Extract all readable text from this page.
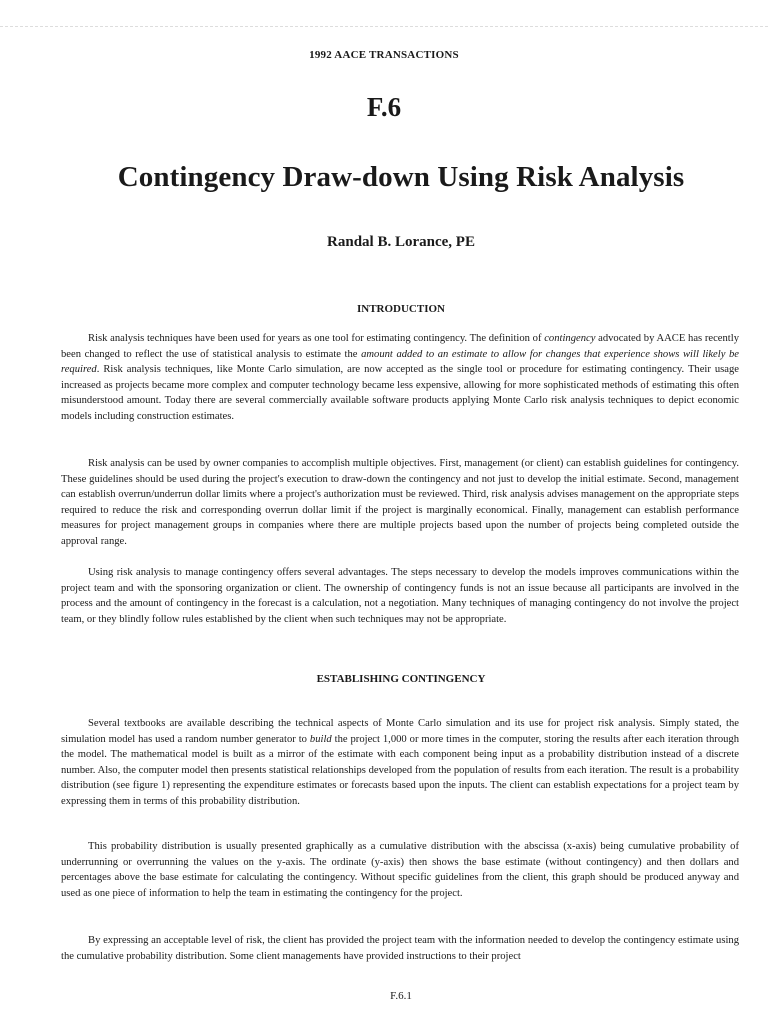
1992 AACE TRANSACTIONS
F.6
Contingency Draw-down Using Risk Analysis
Randal B. Lorance, PE
INTRODUCTION

Risk analysis techniques have been used for years as one tool for estimating contingency. The definition of contingency advocated by AACE has recently been changed to reflect the use of statistical analysis to estimate the amount added to an estimate to allow for changes that experience shows will likely be required. Risk analysis techniques, like Monte Carlo simulation, are now accepted as the single tool or procedure for estimating contingency. Their usage increased as projects became more complex and computer technology became less expensive, allowing for more sophisticated methods of estimating this often misunderstood amount. Today there are several commercially available software products applying Monte Carlo risk analysis techniques to depict economic models including construction estimates.

Risk analysis can be used by owner companies to accomplish multiple objectives. First, management (or client) can establish guidelines for contingency. These guidelines should be used during the project's execution to draw-down the contingency and not just to develop the initial estimate. Second, management can establish overrun/underrun dollar limits where a project's authorization must be reviewed. Third, risk analysis advises management on the appropriate steps required to reduce the risk and corresponding overrun dollar limit if the project is marginally economical. Finally, management can establish performance measures for project management groups in companies where there are multiple projects based upon the number of projects being completed outside the approval range.

Using risk analysis to manage contingency offers several advantages. The steps necessary to develop the models improves communications within the project team and with the sponsoring organization or client. The ownership of contingency funds is not an issue because all participants are involved in the process and the amount of contingency in the forecast is a calculation, not a negotiation. Many techniques of managing contingency do not involve the project team, or they blindly follow rules established by the client when such techniques may not be appropriate.

ESTABLISHING CONTINGENCY

Several textbooks are available describing the technical aspects of Monte Carlo simulation and its use for project risk analysis. Simply stated, the simulation model has used a random number generator to build the project 1,000 or more times in the computer, storing the results after each iteration through the model. The mathematical model is built as a mirror of the estimate with each component being input as a probability distribution instead of a discrete number. Also, the computer model then presents statistical relationships developed from the population of results from each iteration. The result is a probability distribution (see figure 1) representing the expenditure estimates or forecasts based upon the inputs. The client can establish expectations for a project team by expressing them in terms of this probability distribution.

This probability distribution is usually presented graphically as a cumulative distribution with the abscissa (x-axis) being cumulative probability of underrunning or overrunning the values on the y-axis. The ordinate (y-axis) then shows the base estimate (without contingency) and then dollars and percentages above the base estimate for calculating the contingency. Without specific guidelines from the client, this graph should be produced anyway and used as one piece of information to help the team in estimating the contingency for the project.

By expressing an acceptable level of risk, the client has provided the project team with the information needed to develop the contingency estimate using the cumulative probability distribution. Some client managements have provided instructions to their project

F.6.1
